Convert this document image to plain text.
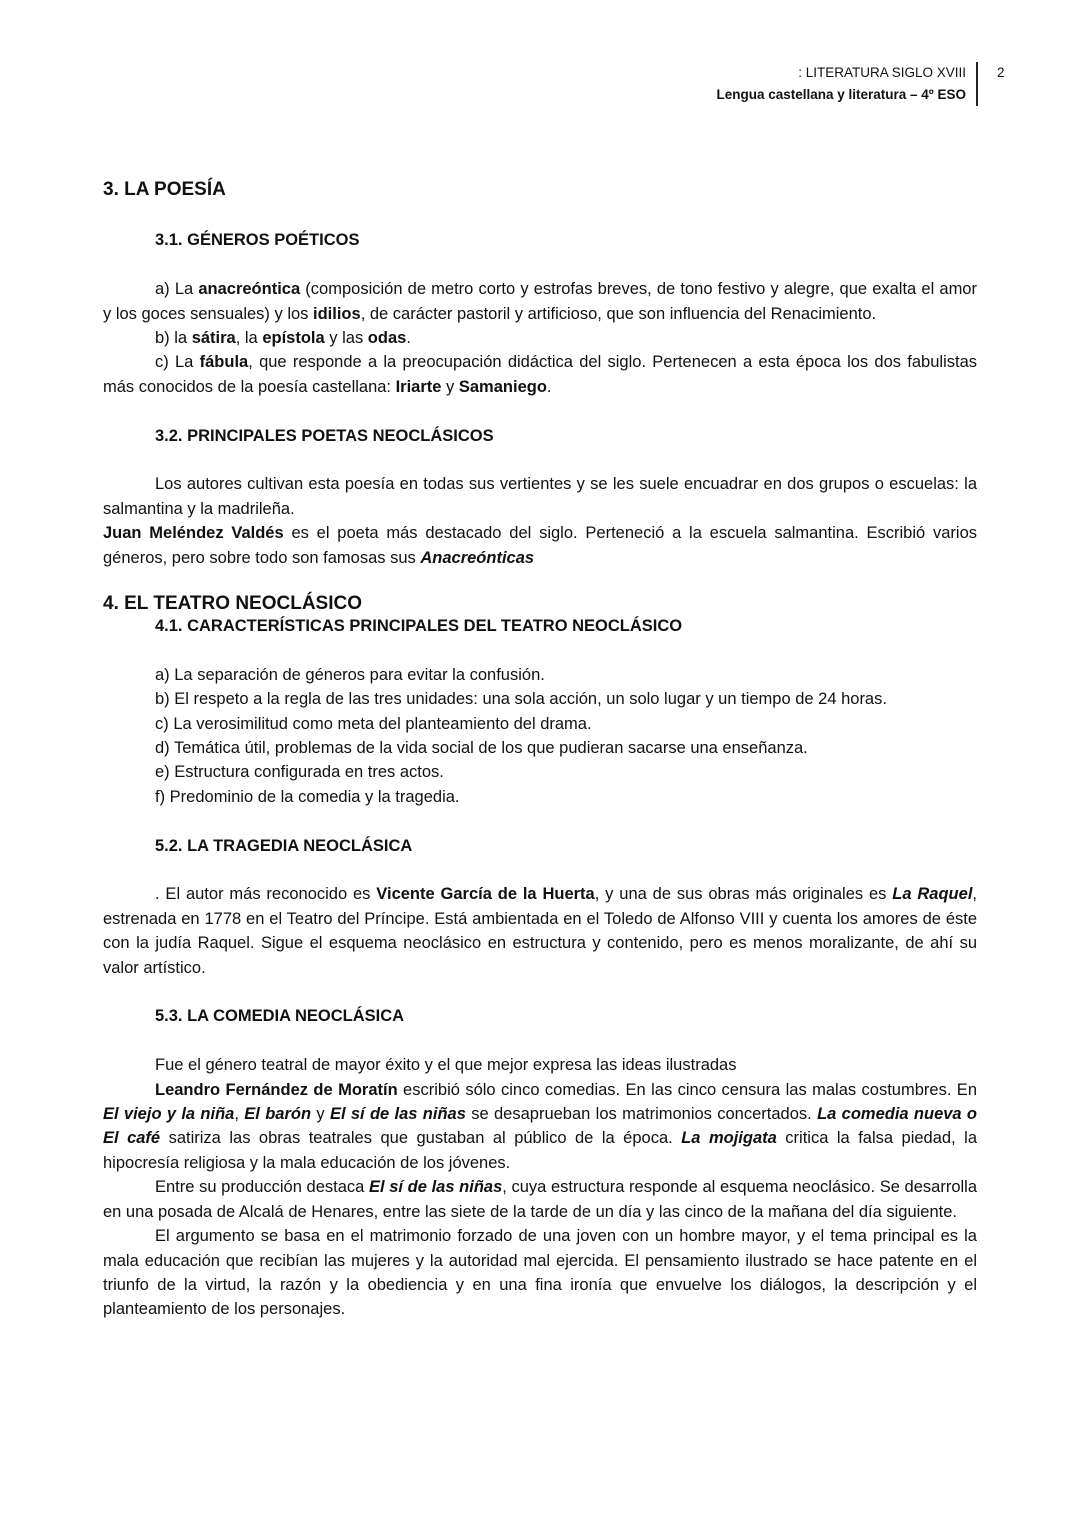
: LITERATURA SIGLO XVIII
Lengua castellana y literatura – 4º ESO
2
3. LA POESÍA
3.1. GÉNEROS POÉTICOS

a) La anacreóntica (composición de metro corto y estrofas breves, de tono festivo y alegre, que exalta el amor y los goces sensuales) y los idilios, de carácter pastoril y artificioso, que son influencia del Renacimiento.

b) la sátira, la epístola y las odas.

c) La fábula, que responde a la preocupación didáctica del siglo. Pertenecen a esta época los dos fabulistas más conocidos de la poesía castellana: Iriarte y Samaniego.

3.2. PRINCIPALES POETAS NEOCLÁSICOS

Los autores cultivan esta poesía en todas sus vertientes y se les suele encuadrar en dos grupos o escuelas: la salmantina y la madrileña.

Juan Meléndez Valdés es el poeta más destacado del siglo. Perteneció a la escuela salmantina. Escribió varios géneros, pero sobre todo son famosas sus Anacreónticas

4. EL TEATRO NEOCLÁSICO
4.1. CARACTERÍSTICAS PRINCIPALES DEL TEATRO NEOCLÁSICO
a) La separación de géneros para evitar la confusión.
b) El respeto a la regla de las tres unidades: una sola acción, un solo lugar y un tiempo de 24 horas.
c) La verosimilitud como meta del planteamiento del drama.
d) Temática útil, problemas de la vida social de los que pudieran sacarse una enseñanza.
e) Estructura configurada en tres actos.
f) Predominio de la comedia y la tragedia.
5.2. LA TRAGEDIA NEOCLÁSICA

. El autor más reconocido es Vicente García de la Huerta, y una de sus obras más originales es La Raquel, estrenada en 1778 en el Teatro del Príncipe. Está ambientada en el Toledo de Alfonso VIII y cuenta los amores de éste con la judía Raquel. Sigue el esquema neoclásico en estructura y contenido, pero es menos moralizante, de ahí su valor artístico.

5.3. LA COMEDIA NEOCLÁSICA

Fue el género teatral de mayor éxito y el que mejor expresa las ideas ilustradas

Leandro Fernández de Moratín escribió sólo cinco comedias. En las cinco censura las malas costumbres. En El viejo y la niña, El barón y El sí de las niñas se desaprueban los matrimonios concertados. La comedia nueva o El café satiriza las obras teatrales que gustaban al público de la época. La mojigata critica la falsa piedad, la hipocresía religiosa y la mala educación de los jóvenes.

Entre su producción destaca El sí de las niñas, cuya estructura responde al esquema neoclásico. Se desarrolla en una posada de Alcalá de Henares, entre las siete de la tarde de un día y las cinco de la mañana del día siguiente.

El argumento se basa en el matrimonio forzado de una joven con un hombre mayor, y el tema principal es la mala educación que recibían las mujeres y la autoridad mal ejercida. El pensamiento ilustrado se hace patente en el triunfo de la virtud, la razón y la obediencia y en una fina ironía que envuelve los diálogos, la descripción y el planteamiento de los personajes.
